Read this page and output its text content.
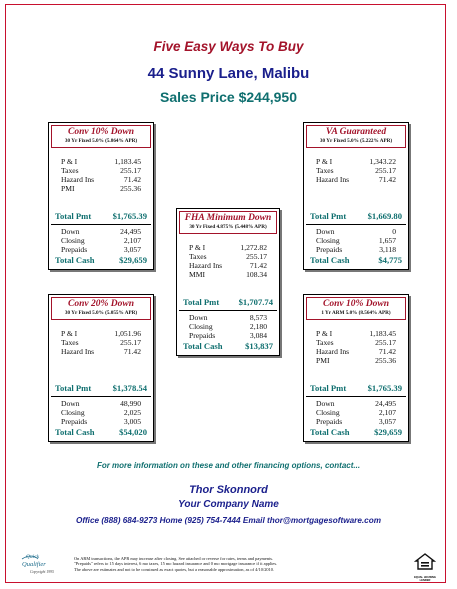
Five Easy Ways To Buy
44 Sunny Lane, Malibu
Sales Price $244,950
Conv 10% Down
30 Yr Fixed 5.0% (5.864% APR)
P & I	1,183.45
Taxes	255.17
Hazard Ins	71.42
PMI	255.36
Total Pmt $1,765.39
Down	24,495
Closing	2,107
Prepaids	3,057
Total Cash	$29,659
VA Guaranteed
30 Yr Fixed 5.0% (5.222% APR)
P & I	1,343.22
Taxes	255.17
Hazard Ins	71.42
Total Pmt $1,669.80
Down	0
Closing	1,657
Prepaids	3,118
Total Cash	$4,775
FHA Minimum Down
30 Yr Fixed 4.875% (5.448% APR)
P & I	1,272.82
Taxes	255.17
Hazard Ins	71.42
MMI	108.34
Total Pmt $1,707.74
Down	8,573
Closing	2,180
Prepaids	3,084
Total Cash	$13,837
Conv 20% Down
30 Yr Fixed 5.0% (5.055% APR)
P & I	1,051.96
Taxes	255.17
Hazard Ins	71.42
Total Pmt $1,378.54
Down	48,990
Closing	2,025
Prepaids	3,005
Total Cash	$54,020
Conv 10% Down
1 Yr ARM 5.0% (8.564% APR)
P & I	1,183.45
Taxes	255.17
Hazard Ins	71.42
PMI	255.36
Total Pmt $1,765.39
Down	24,495
Closing	2,107
Prepaids	3,057
Total Cash	$29,659
For more information on these and other financing options, contact...
Thor Skonnord
Your Company Name
Office (888) 684-9273 Home (925) 754-7444 Email thor@mortgagesoftware.com
Quick
Qualifier
Copyright 1995
On ARM transactions, the APR may increase after closing. See attached or reverse for rates, terms and payments.
"Prepaids" refers to 15 days interest, 6 mo taxes, 15 mo hazard insurance and 0 mo mortgage insurance if it applies.
The above are estimates and not to be construed as exact quotes, but a reasonable approximation, as of 4/10/2010.
EQUAL HOUSING LENDER
